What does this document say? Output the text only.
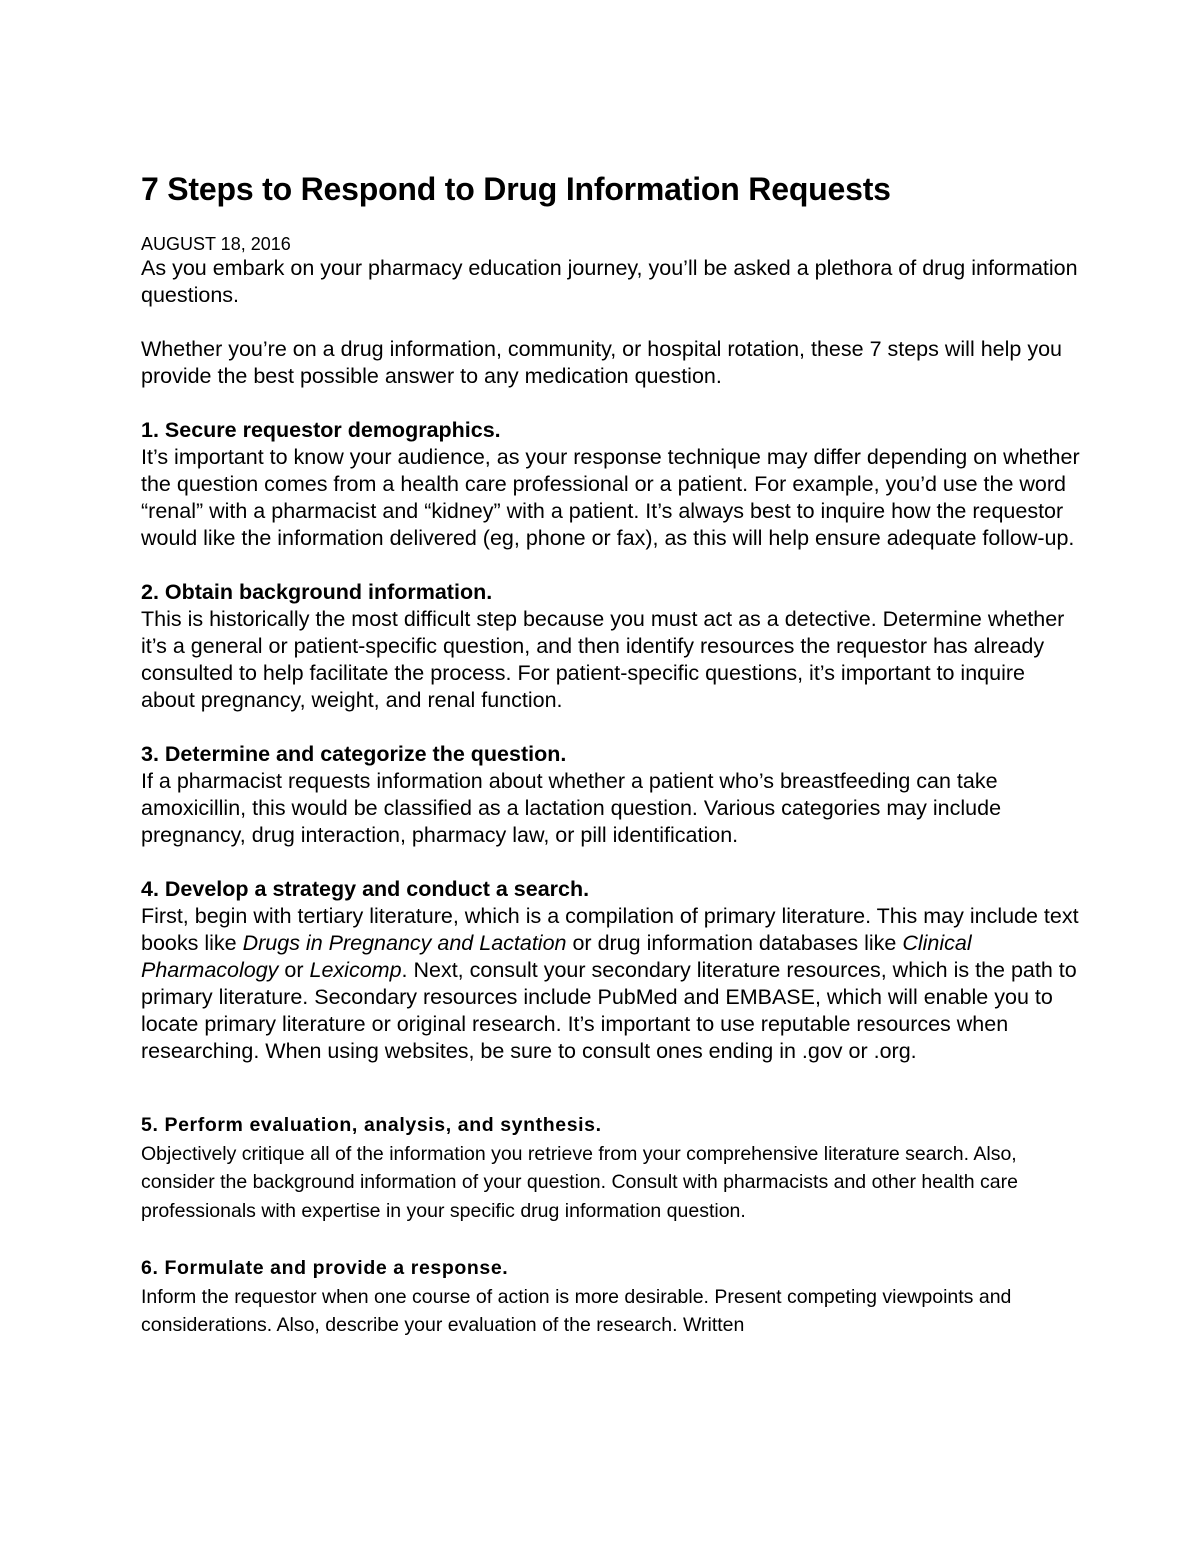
7 Steps to Respond to Drug Information Requests
AUGUST 18, 2016

As you embark on your pharmacy education journey, you’ll be asked a plethora of drug information questions.

Whether you’re on a drug information, community, or hospital rotation, these 7 steps will help you provide the best possible answer to any medication question.

1. Secure requestor demographics.

It’s important to know your audience, as your response technique may differ depending on whether the question comes from a health care professional or a patient. For example, you’d use the word “renal” with a pharmacist and “kidney” with a patient. It’s always best to inquire how the requestor would like the information delivered (eg, phone or fax), as this will help ensure adequate follow-up.

2. Obtain background information.

This is historically the most difficult step because you must act as a detective. Determine whether it’s a general or patient-specific question, and then identify resources the requestor has already consulted to help facilitate the process. For patient-specific questions, it’s important to inquire about pregnancy, weight, and renal function.

3. Determine and categorize the question.

If a pharmacist requests information about whether a patient who’s breastfeeding can take amoxicillin, this would be classified as a lactation question. Various categories may include pregnancy, drug interaction, pharmacy law, or pill identification.

4. Develop a strategy and conduct a search.

First, begin with tertiary literature, which is a compilation of primary literature. This may include text books like Drugs in Pregnancy and Lactation or drug information databases like Clinical Pharmacology or Lexicomp. Next, consult your secondary literature resources, which is the path to primary literature. Secondary resources include PubMed and EMBASE, which will enable you to locate primary literature or original research. It’s important to use reputable resources when researching. When using websites, be sure to consult ones ending in .gov or .org.

5. Perform evaluation, analysis, and synthesis.

Objectively critique all of the information you retrieve from your comprehensive literature search. Also, consider the background information of your question. Consult with pharmacists and other health care professionals with expertise in your specific drug information question.

6. Formulate and provide a response.

Inform the requestor when one course of action is more desirable. Present competing viewpoints and considerations. Also, describe your evaluation of the research. Written
